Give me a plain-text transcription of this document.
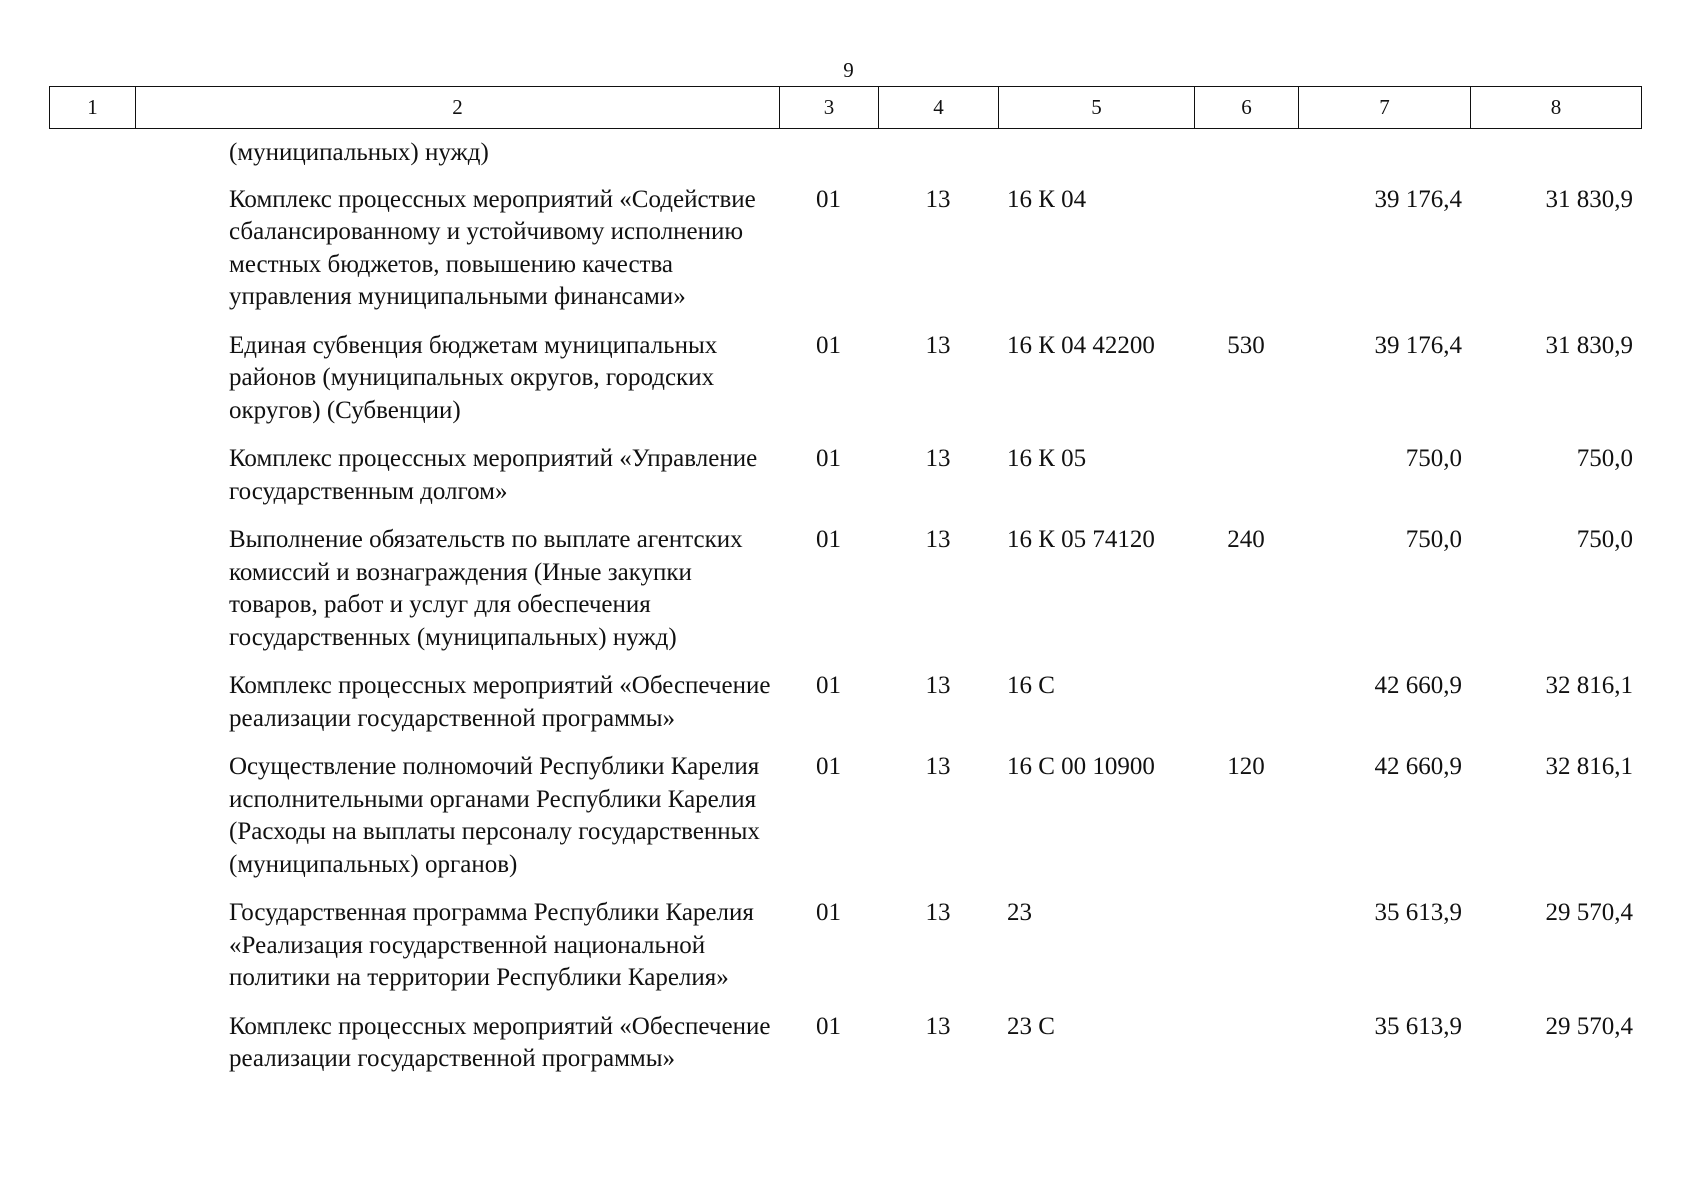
9
1	2	3	4	5	6	7	8
	(муниципальных) нужд)						
	Комплекс процессных мероприятий «Содействие сбалансированному и устойчивому исполнению местных бюджетов, повышению качества управления муниципальными финансами»	01	13	16 К 04		39 176,4	31 830,9
	Единая субвенция бюджетам муниципальных районов (муниципальных округов, городских округов) (Субвенции)	01	13	16 К 04 42200	530	39 176,4	31 830,9
	Комплекс процессных мероприятий «Управление государственным долгом»	01	13	16 К 05		750,0	750,0
	Выполнение обязательств по выплате агентских комиссий и вознаграждения (Иные закупки товаров, работ и услуг для обеспечения государственных (муниципальных) нужд)	01	13	16 К 05 74120	240	750,0	750,0
	Комплекс процессных мероприятий «Обеспечение реализации государственной программы»	01	13	16 С		42 660,9	32 816,1
	Осуществление полномочий Республики Карелия исполнительными органами Республики Карелия (Расходы на выплаты персоналу государственных (муниципальных) органов)	01	13	16 С 00 10900	120	42 660,9	32 816,1
	Государственная программа Республики Карелия «Реализация государственной национальной политики на территории Республики Карелия»	01	13	23		35 613,9	29 570,4
	Комплекс процессных мероприятий «Обеспечение реализации государственной программы»	01	13	23 С		35 613,9	29 570,4
